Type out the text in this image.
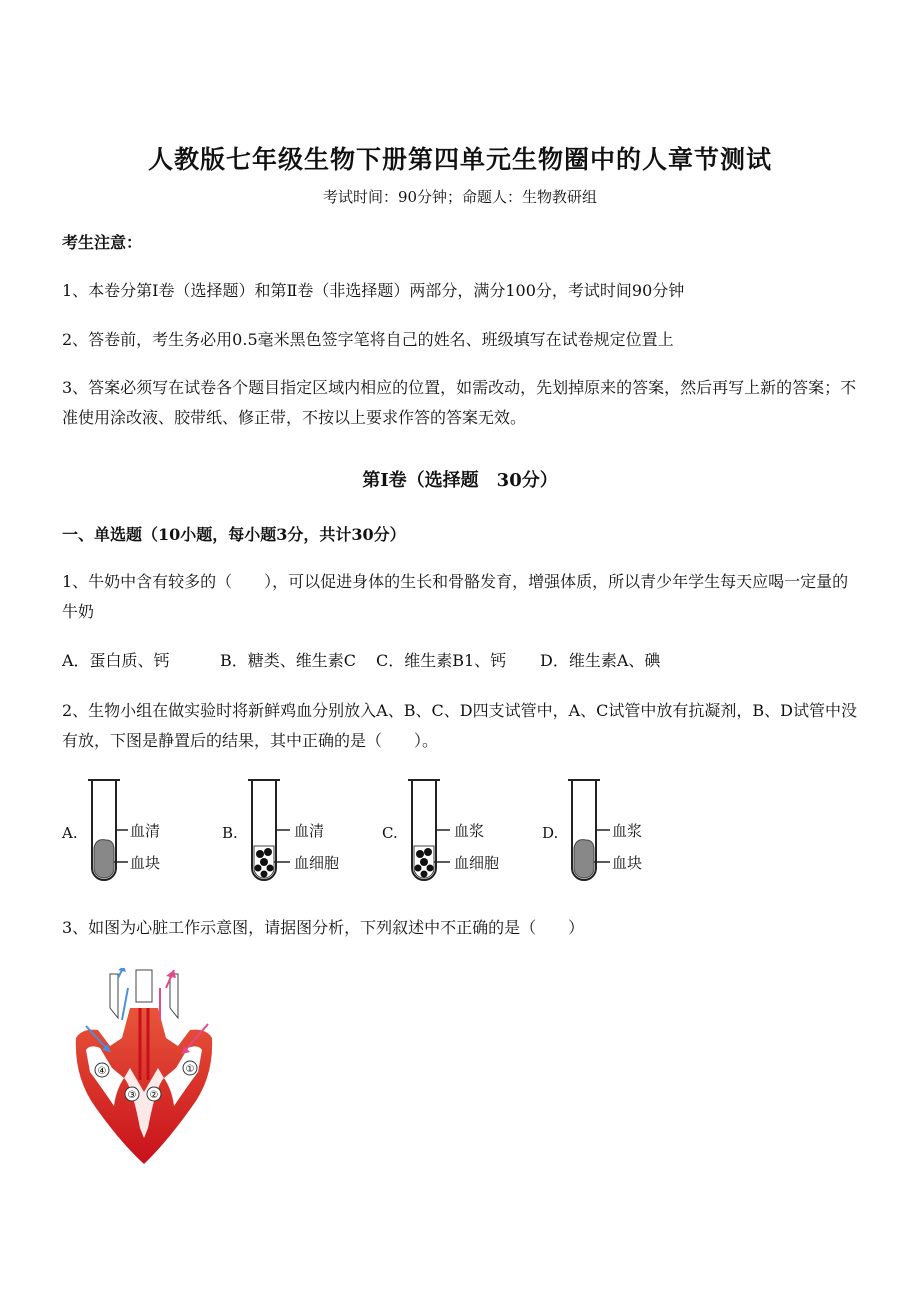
人教版七年级生物下册第四单元生物圈中的人章节测试
考试时间：90分钟；命题人：生物教研组
考生注意：
1、本卷分第Ⅰ卷（选择题）和第Ⅱ卷（非选择题）两部分，满分100分，考试时间90分钟
2、答卷前，考生务必用0.5毫米黑色签字笔将自己的姓名、班级填写在试卷规定位置上
3、答案必须写在试卷各个题目指定区域内相应的位置，如需改动，先划掉原来的答案，然后再写上新的答案；不准使用涂改液、胶带纸、修正带，不按以上要求作答的答案无效。
第Ⅰ卷（选择题　30分）
一、单选题（10小题，每小题3分，共计30分）
1、牛奶中含有较多的（　　），可以促进身体的生长和骨骼发育，增强体质，所以青少年学生每天应喝一定量的牛奶
A．蛋白质、钙	B．糖类、维生素C C．维生素B1、钙 D．维生素A、碘
2、生物小组在做实验时将新鲜鸡血分别放入A、B、C、D四支试管中，A、C试管中放有抗凝剂，B、D试管中没有放，下图是静置后的结果，其中正确的是（　　）。
A.	血清
血块
B.	血清
血细胞
C.	血浆
血细胞
D.	血浆
血块
3、如图为心脏工作示意图，请据图分析，下列叙述中不正确的是（　　）
④	①
③ ②
